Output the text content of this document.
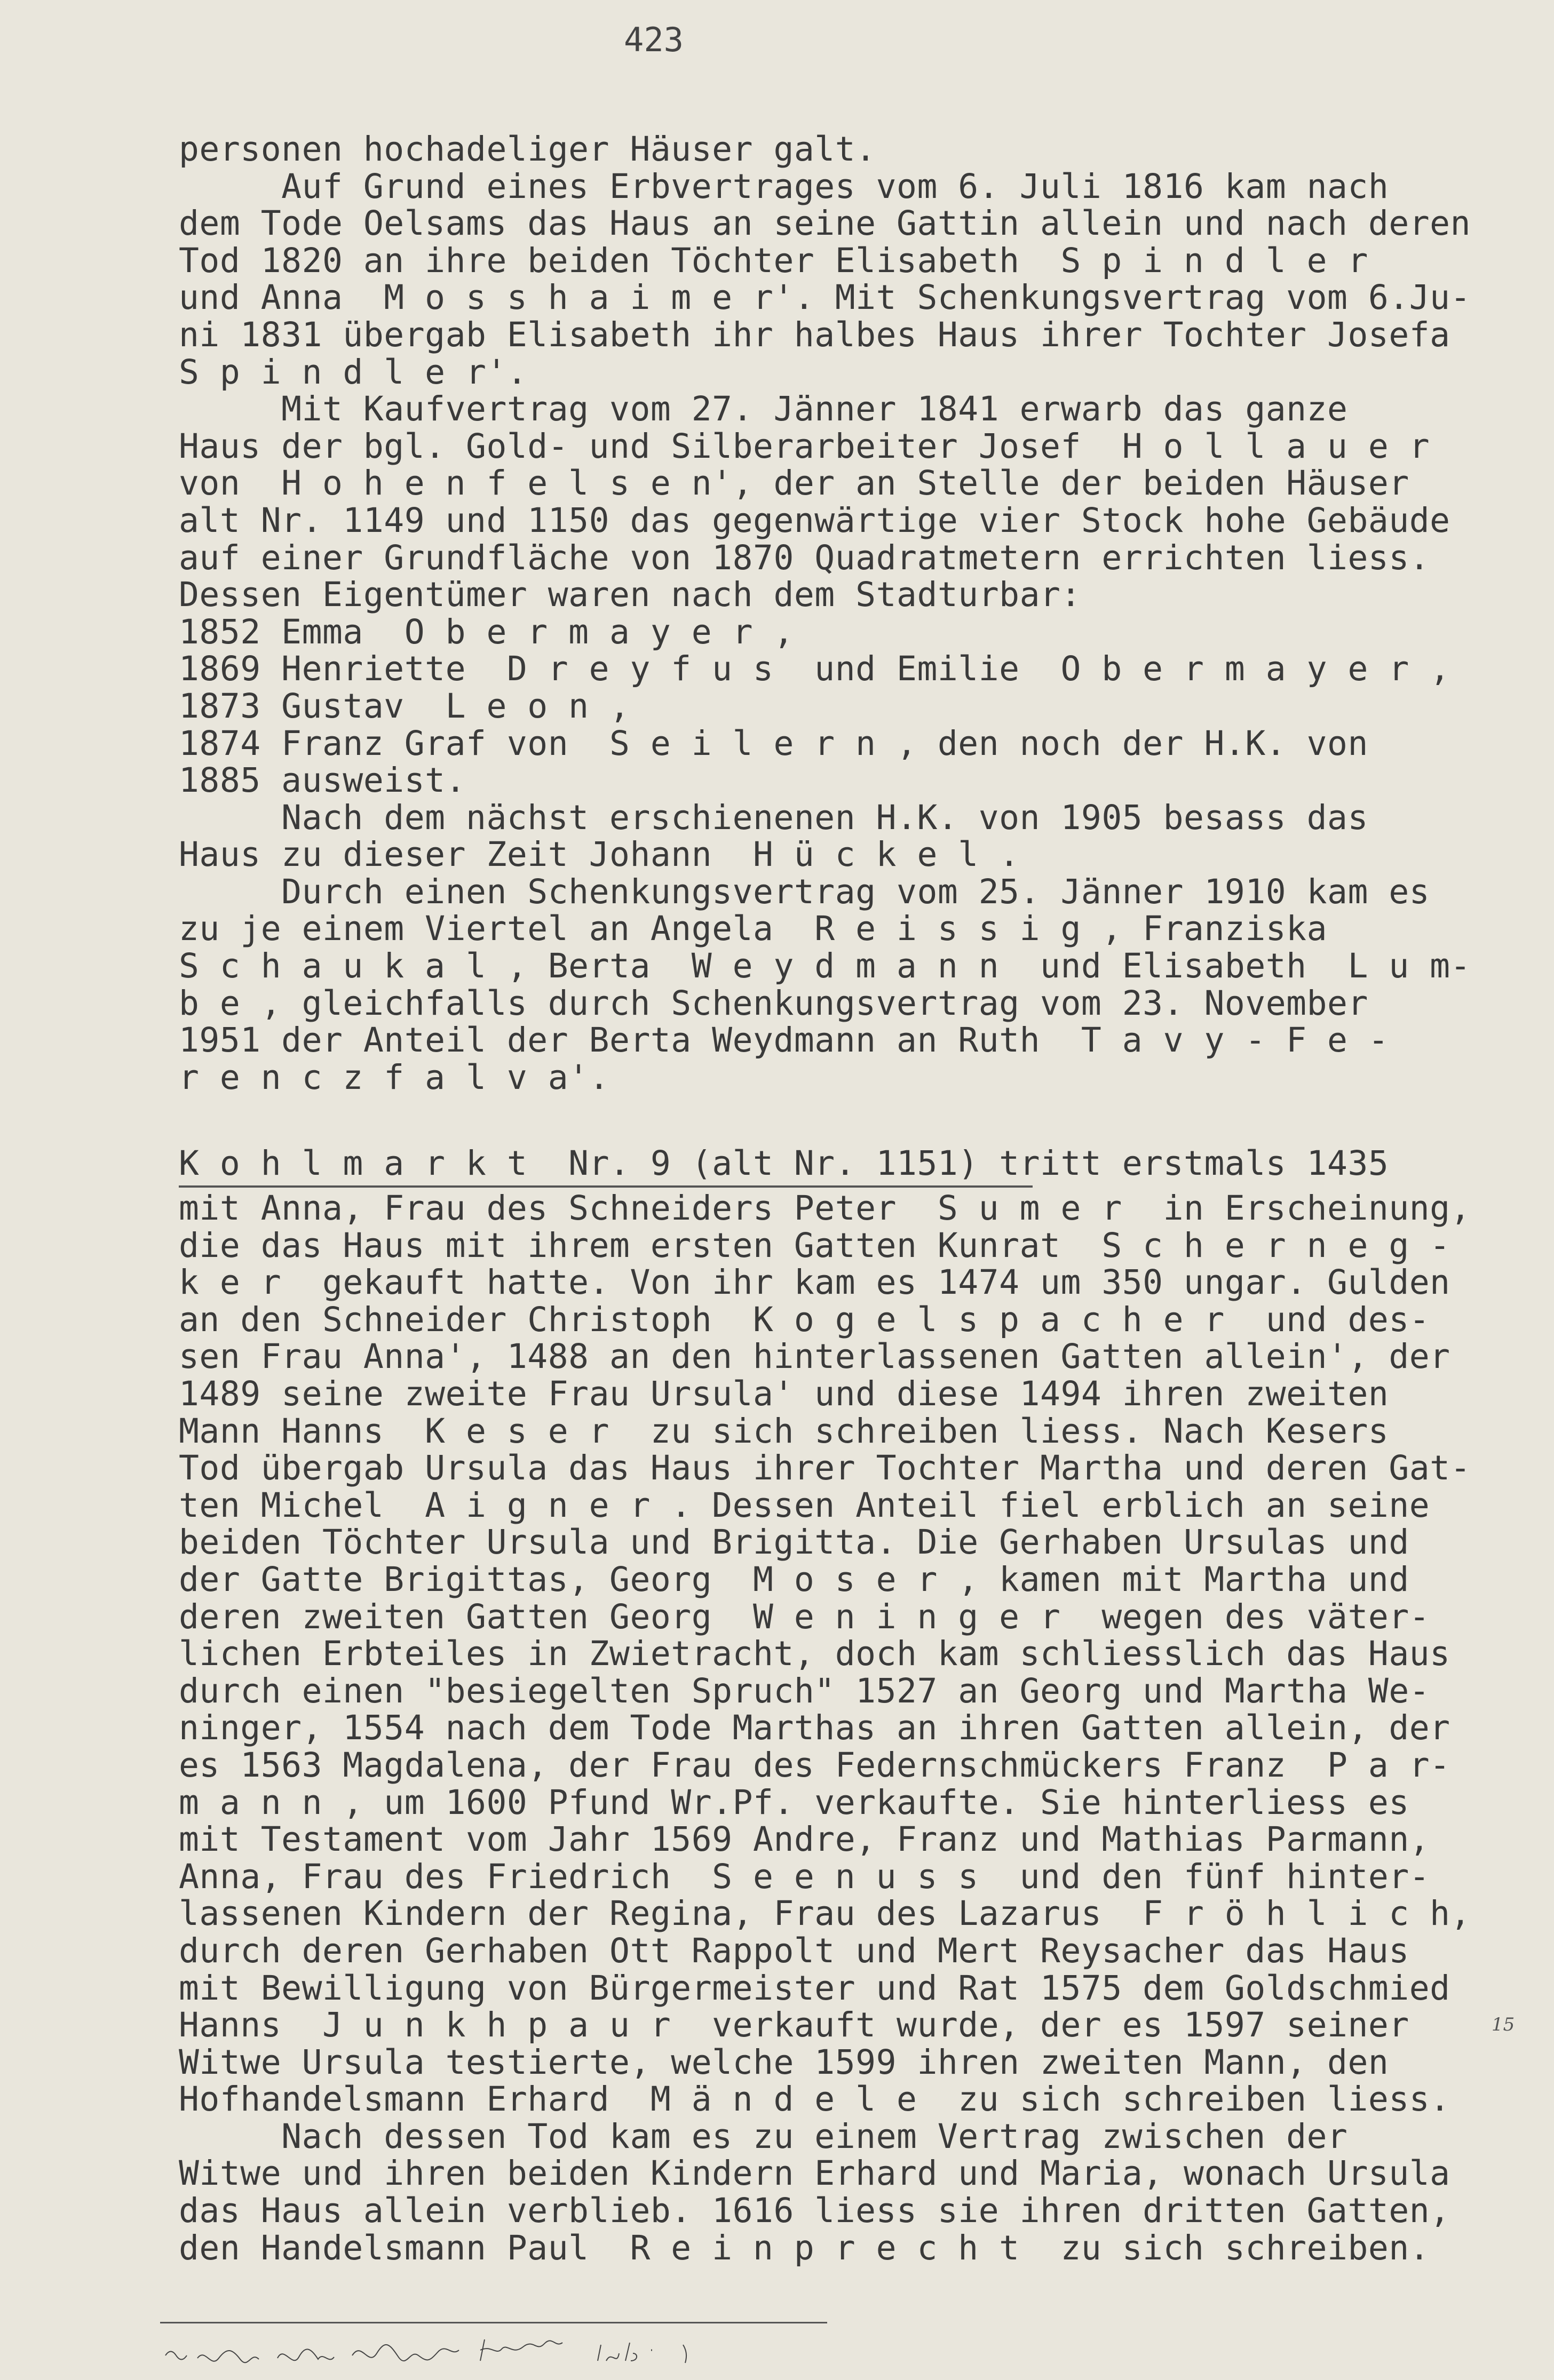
423
personen hochadeliger Häuser galt.
Auf Grund eines Erbvertrages vom 6. Juli 1816 kam nach
dem Tode Oelsams das Haus an seine Gattin allein und nach deren
Tod 1820 an ihre beiden Töchter Elisabeth  S p i n d l e r
und Anna  M o s s h a i m e r'. Mit Schenkungsvertrag vom 6.Ju-
ni 1831 übergab Elisabeth ihr halbes Haus ihrer Tochter Josefa
S p i n d l e r'.
Mit Kaufvertrag vom 27. Jänner 1841 erwarb das ganze
Haus der bgl. Gold- und Silberarbeiter Josef  H o l l a u e r
von  H o h e n f e l s e n', der an Stelle der beiden Häuser
alt Nr. 1149 und 1150 das gegenwärtige vier Stock hohe Gebäude
auf einer Grundfläche von 1870 Quadratmetern errichten liess.
Dessen Eigentümer waren nach dem Stadturbar:
1852 Emma  O b e r m a y e r ,
1869 Henriette  D r e y f u s  und Emilie  O b e r m a y e r ,
1873 Gustav  L e o n ,
1874 Franz Graf von  S e i l e r n , den noch der H.K. von
1885 ausweist.
Nach dem nächst erschienenen H.K. von 1905 besass das
Haus zu dieser Zeit Johann  H ü c k e l .
Durch einen Schenkungsvertrag vom 25. Jänner 1910 kam es
zu je einem Viertel an Angela  R e i s s i g , Franziska
S c h a u k a l , Berta  W e y d m a n n  und Elisabeth  L u m-
b e , gleichfalls durch Schenkungsvertrag vom 23. November
1951 der Anteil der Berta Weydmann an Ruth  T a v y - F e -
r e n c z f a l v a'.
K o h l m a r k t  Nr. 9 (alt Nr. 1151) tritt erstmals 1435
mit Anna, Frau des Schneiders Peter  S u m e r  in Erscheinung,
die das Haus mit ihrem ersten Gatten Kunrat  S c h e r n e g -
k e r  gekauft hatte. Von ihr kam es 1474 um 350 ungar. Gulden
an den Schneider Christoph  K o g e l s p a c h e r  und des-
sen Frau Anna', 1488 an den hinterlassenen Gatten allein', der
1489 seine zweite Frau Ursula' und diese 1494 ihren zweiten
Mann Hanns  K e s e r  zu sich schreiben liess. Nach Kesers
Tod übergab Ursula das Haus ihrer Tochter Martha und deren Gat-
ten Michel  A i g n e r . Dessen Anteil fiel erblich an seine
beiden Töchter Ursula und Brigitta. Die Gerhaben Ursulas und
der Gatte Brigittas, Georg  M o s e r , kamen mit Martha und
deren zweiten Gatten Georg  W e n i n g e r  wegen des väter-
lichen Erbteiles in Zwietracht, doch kam schliesslich das Haus
durch einen "besiegelten Spruch" 1527 an Georg und Martha We-
ninger, 1554 nach dem Tode Marthas an ihren Gatten allein, der
es 1563 Magdalena, der Frau des Federnschmückers Franz  P a r-
m a n n , um 1600 Pfund Wr.Pf. verkaufte. Sie hinterliess es
mit Testament vom Jahr 1569 Andre, Franz und Mathias Parmann,
Anna, Frau des Friedrich  S e e n u s s  und den fünf hinter-
lassenen Kindern der Regina, Frau des Lazarus  F r ö h l i c h,
durch deren Gerhaben Ott Rappolt und Mert Reysacher das Haus
mit Bewilligung von Bürgermeister und Rat 1575 dem Goldschmied
Hanns  J u n k h p a u r  verkauft wurde, der es 1597 seiner
Witwe Ursula testierte, welche 1599 ihren zweiten Mann, den
Hofhandelsmann Erhard  M ä n d e l e  zu sich schreiben liess.
Nach dessen Tod kam es zu einem Vertrag zwischen der
Witwe und ihren beiden Kindern Erhard und Maria, wonach Ursula
das Haus allein verblieb. 1616 liess sie ihren dritten Gatten,
den Handelsmann Paul  R e i n p r e c h t  zu sich schreiben.
15
